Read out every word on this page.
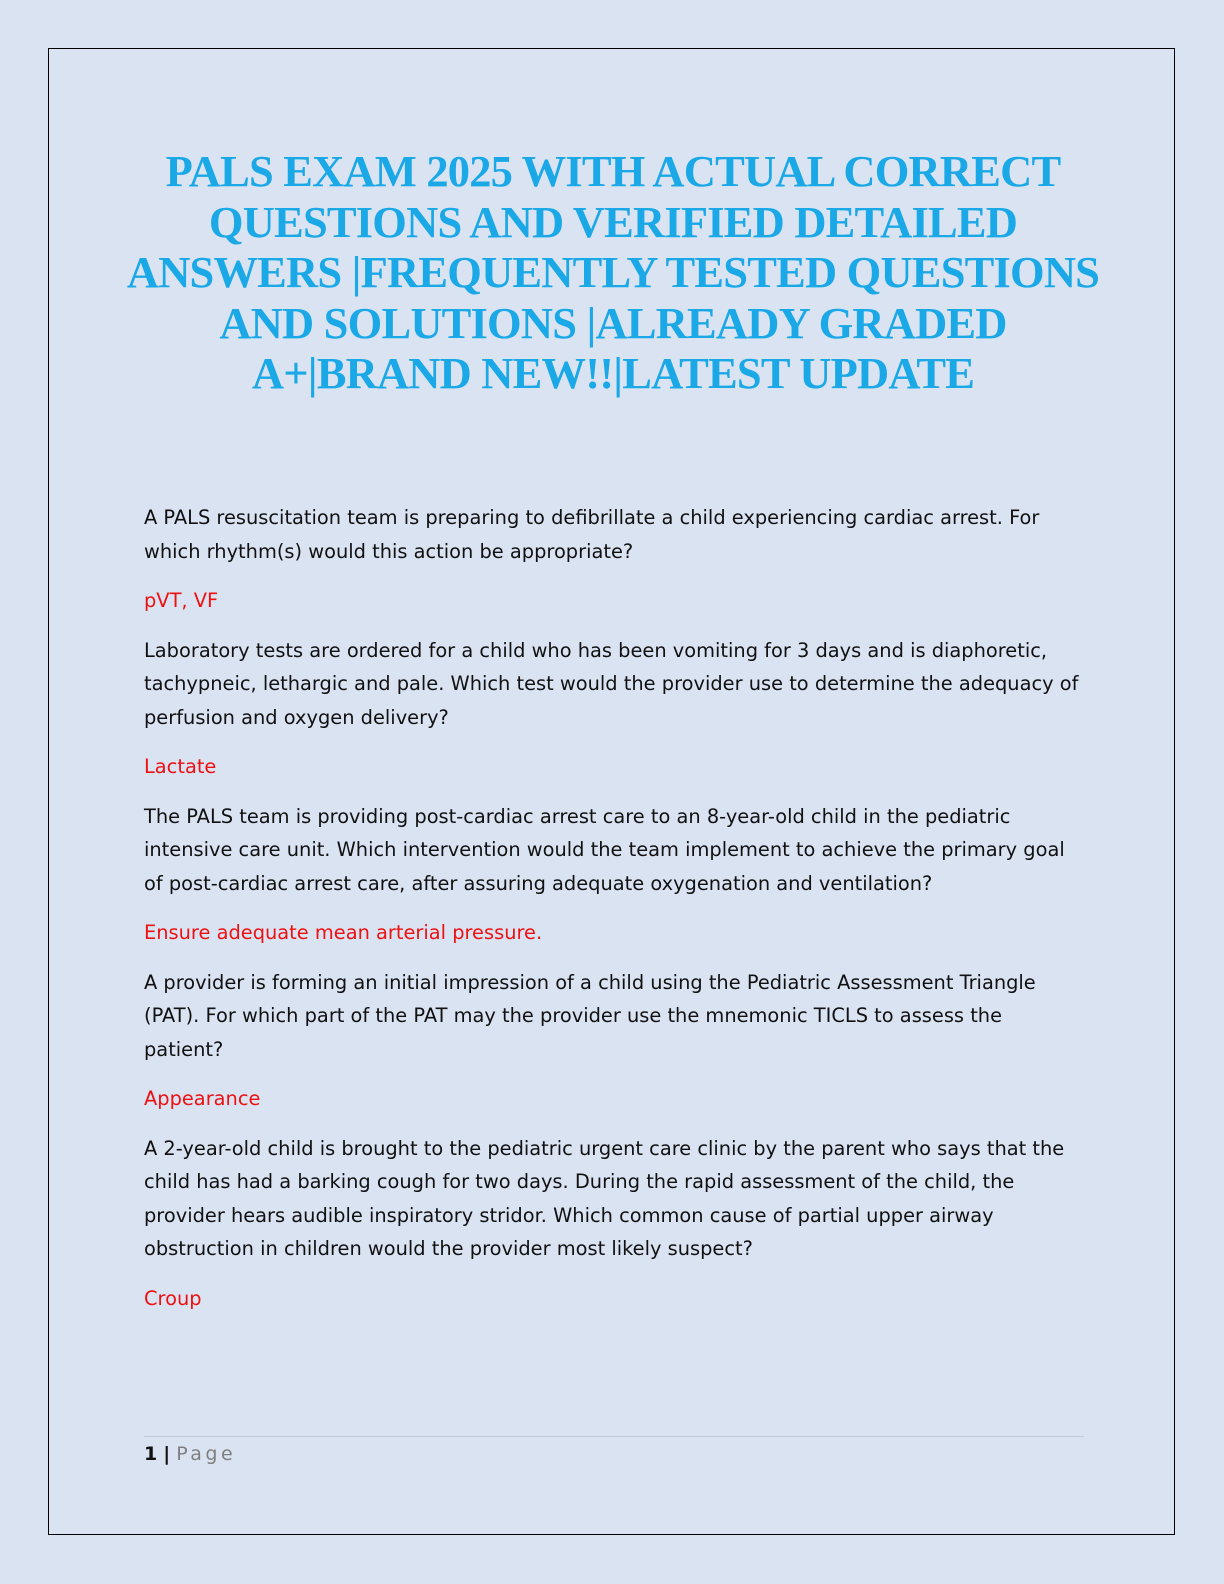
PALS EXAM 2025 WITH ACTUAL CORRECT QUESTIONS AND VERIFIED DETAILED ANSWERS |FREQUENTLY TESTED QUESTIONS AND SOLUTIONS |ALREADY GRADED A+|BRAND NEW!!|LATEST UPDATE

A PALS resuscitation team is preparing to defibrillate a child experiencing cardiac arrest. For which rhythm(s) would this action be appropriate?

pVT, VF

Laboratory tests are ordered for a child who has been vomiting for 3 days and is diaphoretic, tachypneic, lethargic and pale. Which test would the provider use to determine the adequacy of perfusion and oxygen delivery?

Lactate

The PALS team is providing post-cardiac arrest care to an 8-year-old child in the pediatric intensive care unit. Which intervention would the team implement to achieve the primary goal of post-cardiac arrest care, after assuring adequate oxygenation and ventilation?

Ensure adequate mean arterial pressure.

A provider is forming an initial impression of a child using the Pediatric Assessment Triangle (PAT). For which part of the PAT may the provider use the mnemonic TICLS to assess the patient?

Appearance

A 2-year-old child is brought to the pediatric urgent care clinic by the parent who says that the child has had a barking cough for two days. During the rapid assessment of the child, the provider hears audible inspiratory stridor. Which common cause of partial upper airway obstruction in children would the provider most likely suspect?

Croup

1 | Page
